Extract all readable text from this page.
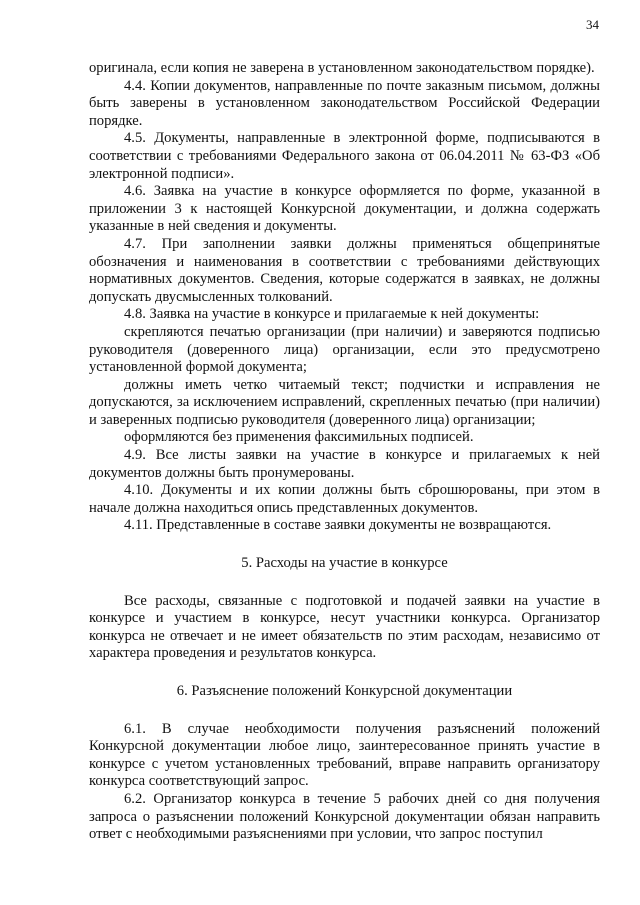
34

оригинала, если копия не заверена в установленном законодательством порядке).

4.4. Копии документов, направленные по почте заказным письмом, должны быть заверены в установленном законодательством Российской Федерации порядке.

4.5. Документы, направленные в электронной форме, подписываются в соответствии с требованиями Федерального закона от 06.04.2011 № 63-ФЗ «Об электронной подписи».

4.6. Заявка на участие в конкурсе оформляется по форме, указанной в приложении 3 к настоящей Конкурсной документации, и должна содержать указанные в ней сведения и документы.

4.7. При заполнении заявки должны применяться общепринятые обозначения и наименования в соответствии с требованиями действующих нормативных документов. Сведения, которые содержатся в заявках, не должны допускать двусмысленных толкований.

4.8. Заявка на участие в конкурсе и прилагаемые к ней документы:

скрепляются печатью организации (при наличии) и заверяются подписью руководителя (доверенного лица) организации, если это предусмотрено установленной формой документа;

должны иметь четко читаемый текст; подчистки и исправления не допускаются, за исключением исправлений, скрепленных печатью (при наличии) и заверенных подписью руководителя (доверенного лица) организации;

оформляются без применения факсимильных подписей.

4.9. Все листы заявки на участие в конкурсе и прилагаемых к ней документов должны быть пронумерованы.

4.10. Документы и их копии должны быть сброшюрованы, при этом в начале должна находиться опись представленных документов.

4.11. Представленные в составе заявки документы не возвращаются.

5. Расходы на участие в конкурсе

Все расходы, связанные с подготовкой и подачей заявки на участие в конкурсе и участием в конкурсе, несут участники конкурса. Организатор конкурса не отвечает и не имеет обязательств по этим расходам, независимо от характера проведения и результатов конкурса.

6. Разъяснение положений Конкурсной документации

6.1. В случае необходимости получения разъяснений положений Конкурсной документации любое лицо, заинтересованное принять участие в конкурсе с учетом установленных требований, вправе направить организатору конкурса соответствующий запрос.

6.2. Организатор конкурса в течение 5 рабочих дней со дня получения запроса о разъяснении положений Конкурсной документации обязан направить ответ с необходимыми разъяснениями при условии, что запрос поступил
